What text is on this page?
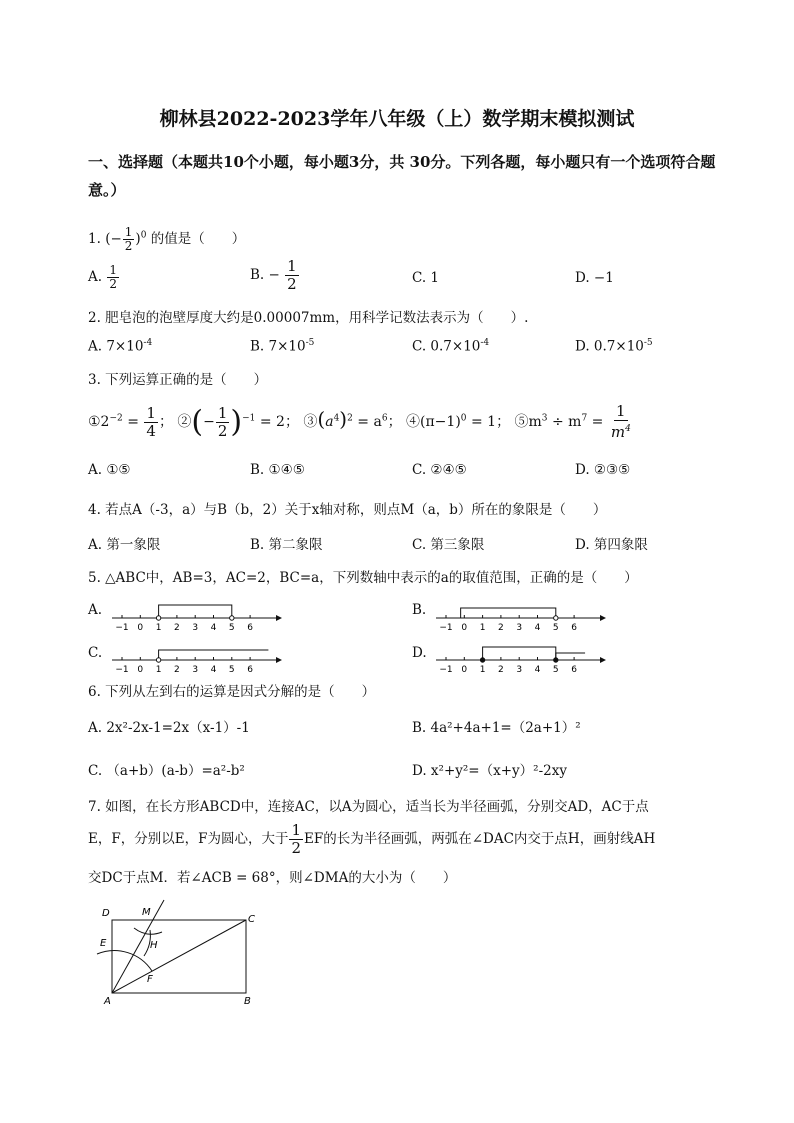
柳林县2022-2023学年八年级（上）数学期末模拟测试
一、选择题（本题共10个小题，每小题3分，共 30分。下列各题，每小题只有一个选项符合题意。）
1. (− $\frac{1}{2} )^0$ 的值是（　　）
A. $\frac{1}{2}$	B. − $\frac{1}{2}$	C. 1	D. −1
2. 肥皂泡的泡壁厚度大约是0.00007mm，用科学记数法表示为（　　）.
A. $7\times 10^{-4}$	B. $7\times 10^{-5}$	C. $0.7\times 10^{-4}$	D. $0.7\times 10^{-5}$
3. 下列运算正确的是（　　）
$①2^{-2} = \frac{1}{4}$ ； ②(− $\frac{1}{2} )^{-1} = 2$； $③(a^4)^2 = a^6$； $④(\pi-1)^0 = 1$； $⑤m^3 \div m^7 = \frac{1}{m^4}$
A. ①⑤	B. ①④⑤	C. ②④⑤	D. ②③⑤
4. 若点A（-3，a）与B（b，2）关于x轴对称，则点M（a，b）所在的象限是（　　）
A. 第一象限	B. 第二象限	C. 第三象限	D. 第四象限
5. △ABC中，AB=3，AC=2，BC=a，下列数轴中表示的a的取值范围，正确的是（　　）
A.	B.
C.	D.
−1 0 1 2 3 4 5 6	−1 0 1 2 3 4 5 6
−1 0 1 2 3 4 5 6	−1 0 1 2 3 4 5 6
6. 下列从左到右的运算是因式分解的是（　　）
A. 2x²-2x-1=2x（x-1）-1	B. 4a²+4a+1=（2a+1）²
C. （a+b）(a-b）=a²-b²	D. x²+y²=（x+y）²-2xy
7. 如图，在长方形ABCD中，连接AC，以A为圆心，适当长为半径画弧，分别交AD，AC于点
E，F，分别以E，F为圆心，大于 $\frac{1}{2}$ EF的长为半径画弧，两弧在∠DAC内交于点H，画射线AH
交DC于点M．若∠ACB = 68°，则∠DMA的大小为（　　）
D	M
C
E	H
F
A	B
